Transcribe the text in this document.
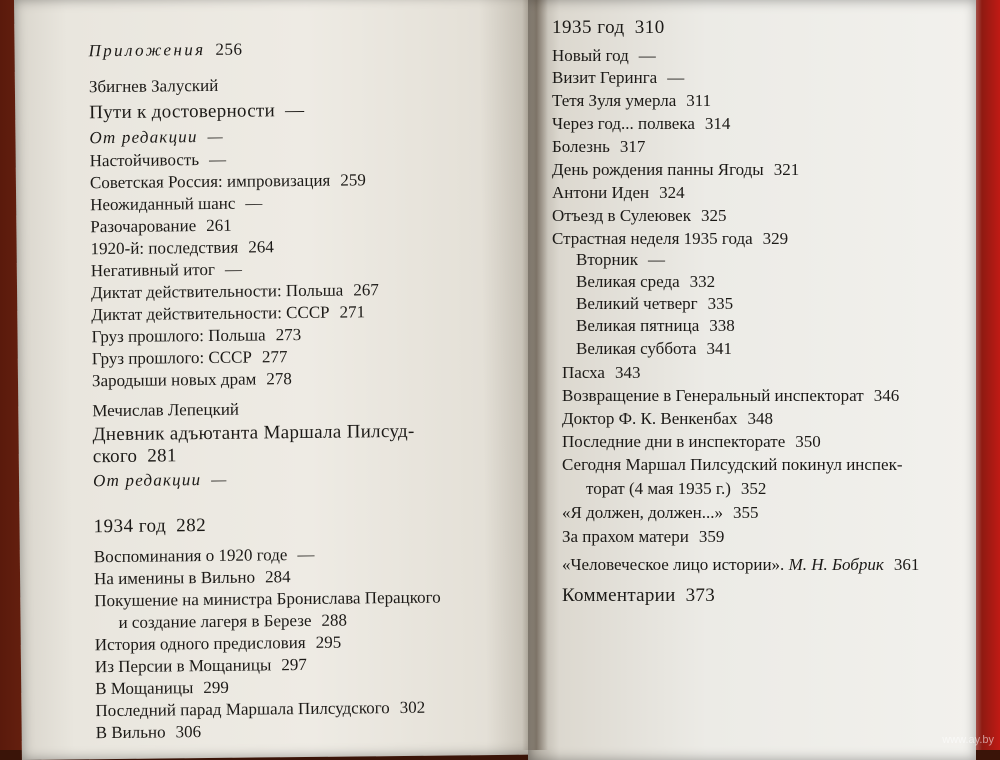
Приложения 256
Збигнев Залуский
Пути к достоверности —
От редакции —
Настойчивость —
Советская Россия: импровизация 259
Неожиданный шанс —
Разочарование 261
1920-й: последствия 264
Негативный итог —
Диктат действительности: Польша 267
Диктат действительности: СССР 271
Груз прошлого: Польша 273
Груз прошлого: СССР 277
Зародыши новых драм 278
Мечислав Лепецкий
Дневник адъютанта Маршала Пилсуд-
ского 281
От редакции —
1934 год 282
Воспоминания о 1920 годе —
На именины в Вильно 284
Покушение на министра Бронислава Перацкого
и создание лагеря в Березе 288
История одного предисловия 295
Из Персии в Мощаницы 297
В Мощаницы 299
Последний парад Маршала Пилсудского 302
В Вильно 306
1935 год 310
Новый год —
Визит Геринга —
Тетя Зуля умерла 311
Через год... полвека 314
Болезнь 317
День рождения панны Ягоды 321
Антони Иден 324
Отъезд в Сулеювек 325
Страстная неделя 1935 года 329
Вторник —
Великая среда 332
Великий четверг 335
Великая пятница 338
Великая суббота 341
Пасха 343
Возвращение в Генеральный инспекторат 346
Доктор Ф. К. Венкенбах 348
Последние дни в инспекторате 350
Сегодня Маршал Пилсудский покинул инспек-
торат (4 мая 1935 г.) 352
«Я должен, должен...» 355
За прахом матери 359
«Человеческое лицо истории». М. Н. Бобрик 361
Комментарии 373
www.ay.by
